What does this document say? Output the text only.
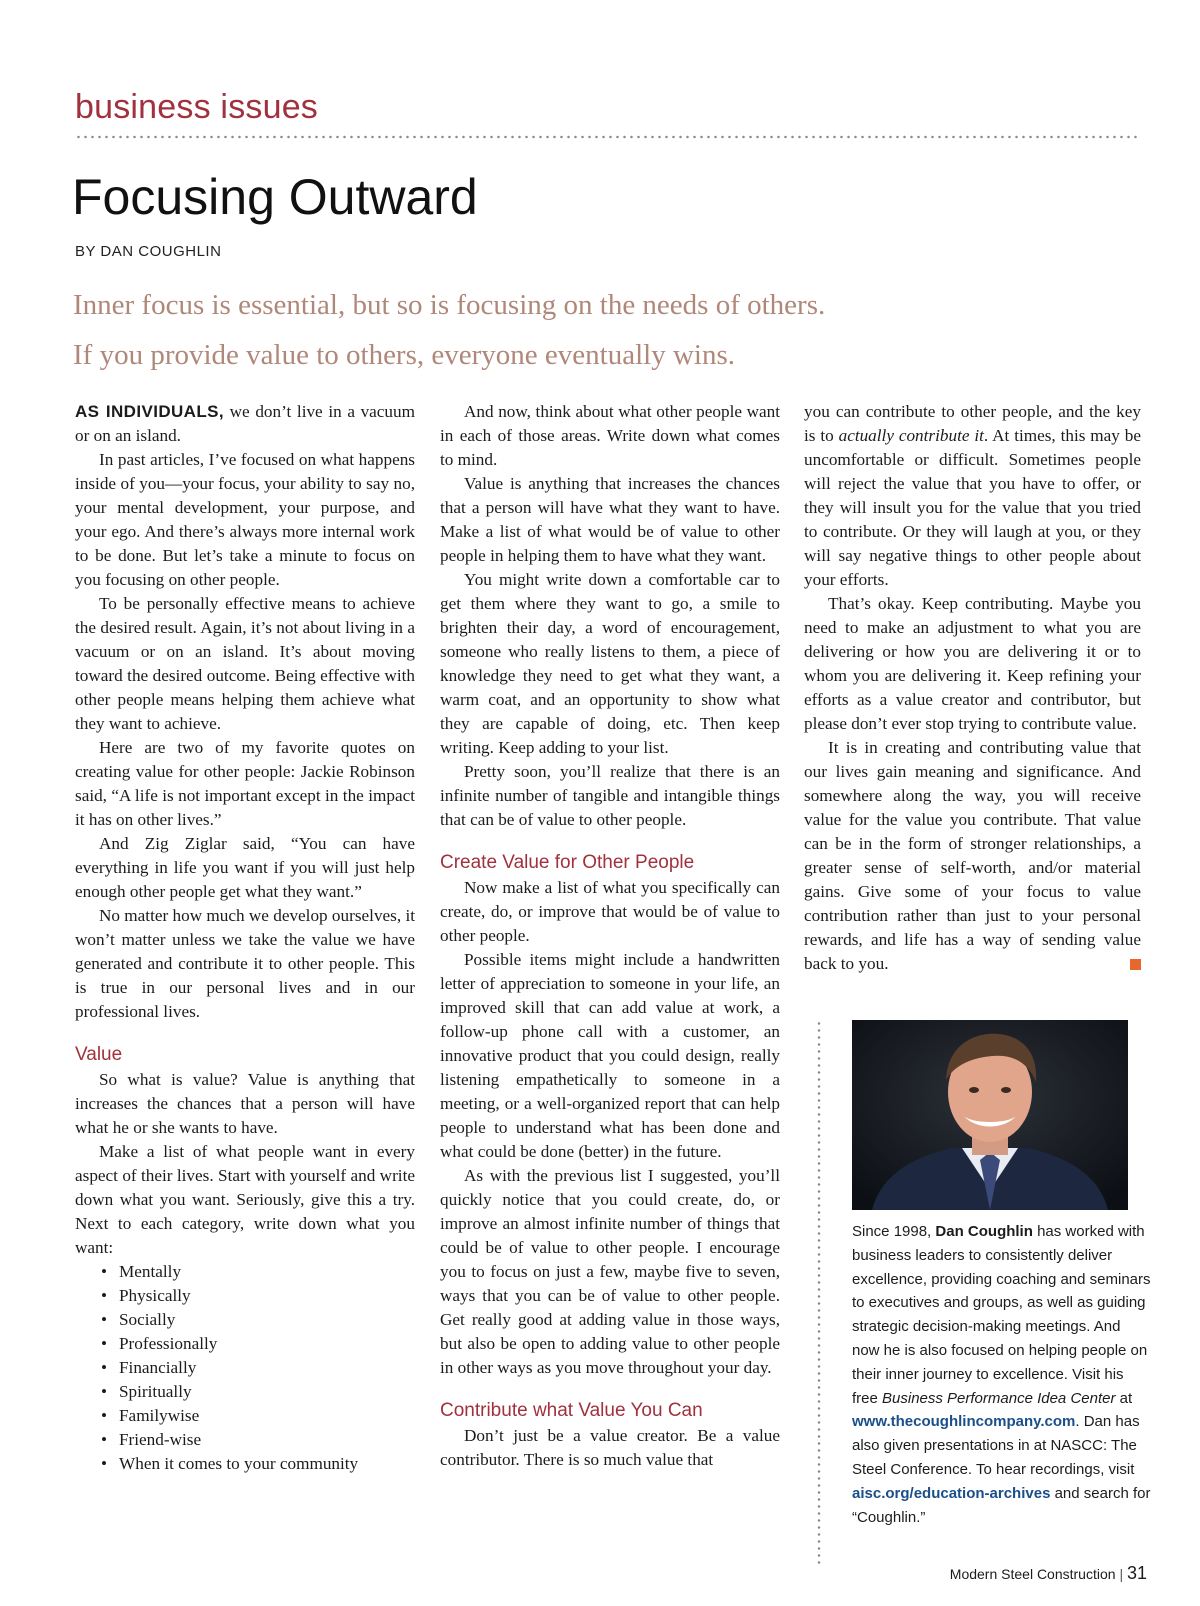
business issues
Focusing Outward
BY DAN COUGHLIN
Inner focus is essential, but so is focusing on the needs of others.
If you provide value to others, everyone eventually wins.

AS INDIVIDUALS, we don’t live in a vacuum or on an island.

In past articles, I’ve focused on what happens inside of you—your focus, your ability to say no, your mental development, your purpose, and your ego. And there’s always more internal work to be done. But let’s take a minute to focus on you focusing on other people.

To be personally effective means to achieve the desired result. Again, it’s not about living in a vacuum or on an island. It’s about moving toward the desired outcome. Being effective with other people means helping them achieve what they want to achieve.

Here are two of my favorite quotes on creating value for other people: Jackie Robinson said, “A life is not important except in the impact it has on other lives.”

And Zig Ziglar said, “You can have everything in life you want if you will just help enough other people get what they want.”

No matter how much we develop ourselves, it won’t matter unless we take the value we have generated and contribute it to other people. This is true in our personal lives and in our professional lives.

Value

So what is value? Value is anything that increases the chances that a person will have what he or she wants to have.

Make a list of what people want in every aspect of their lives. Start with yourself and write down what you want. Seriously, give this a try. Next to each category, write down what you want:

• Mentally
• Physically
• Socially
• Professionally
• Financially
• Spiritually
• Familywise
• Friend-wise
• When it comes to your community

And now, think about what other people want in each of those areas. Write down what comes to mind.

Value is anything that increases the chances that a person will have what they want to have. Make a list of what would be of value to other people in helping them to have what they want.

You might write down a comfortable car to get them where they want to go, a smile to brighten their day, a word of encouragement, someone who really listens to them, a piece of knowledge they need to get what they want, a warm coat, and an opportunity to show what they are capable of doing, etc. Then keep writing. Keep adding to your list.

Pretty soon, you’ll realize that there is an infinite number of tangible and intangible things that can be of value to other people.

Create Value for Other People

Now make a list of what you specifically can create, do, or improve that would be of value to other people.

Possible items might include a handwritten letter of appreciation to someone in your life, an improved skill that can add value at work, a follow-up phone call with a customer, an innovative product that you could design, really listening empathetically to someone in a meeting, or a well-organized report that can help people to understand what has been done and what could be done (better) in the future.

As with the previous list I suggested, you’ll quickly notice that you could create, do, or improve an almost infinite number of things that could be of value to other people. I encourage you to focus on just a few, maybe five to seven, ways that you can be of value to other people. Get really good at adding value in those ways, but also be open to adding value to other people in other ways as you move throughout your day.

Contribute what Value You Can

Don’t just be a value creator. Be a value contributor. There is so much value that

you can contribute to other people, and the key is to actually contribute it. At times, this may be uncomfortable or difficult. Sometimes people will reject the value that you have to offer, or they will insult you for the value that you tried to contribute. Or they will laugh at you, or they will say negative things to other people about your efforts.

That’s okay. Keep contributing. Maybe you need to make an adjustment to what you are delivering or how you are delivering it or to whom you are delivering it. Keep refining your efforts as a value creator and contributor, but please don’t ever stop trying to contribute value.

It is in creating and contributing value that our lives gain meaning and significance. And somewhere along the way, you will receive value for the value you contribute. That value can be in the form of stronger relationships, a greater sense of self-worth, and/or material gains. Give some of your focus to value contribution rather than just to your personal rewards, and life has a way of sending value back to you.

Since 1998, Dan Coughlin has worked with business leaders to consistently deliver excellence, providing coaching and seminars to executives and groups, as well as guiding strategic decision-making meetings. And now he is also focused on helping people on their inner journey to excellence. Visit his free Business Performance Idea Center at www.thecoughlincompany.com. Dan has also given presentations in at NASCC: The Steel Conference. To hear recordings, visit aisc.org/education-archives and search for “Coughlin.”
Modern Steel Construction | 31
